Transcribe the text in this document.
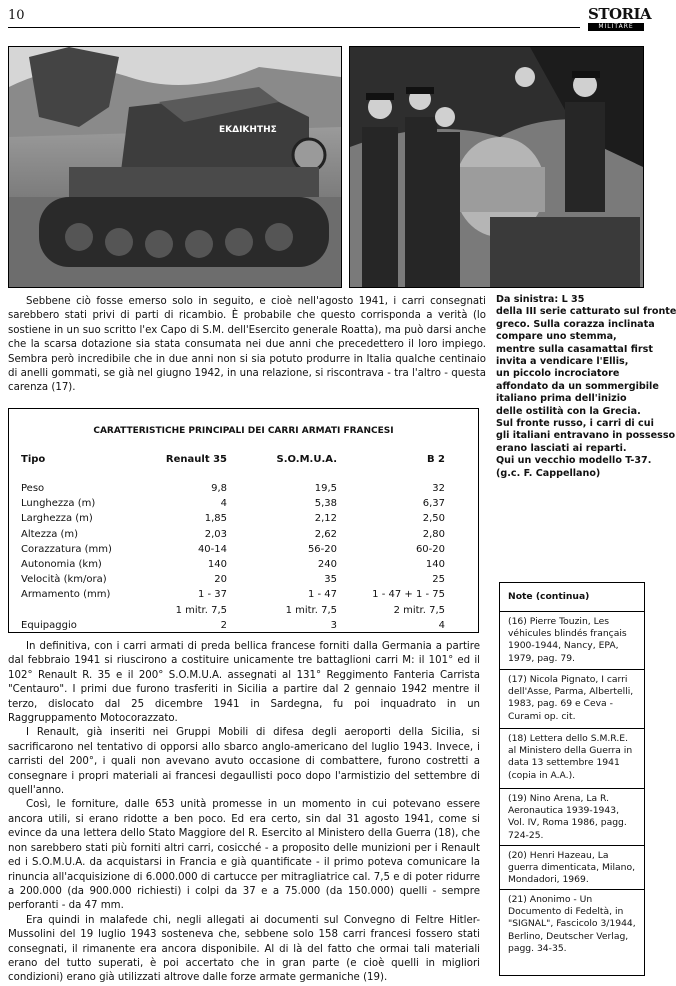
10	STORIA
MILITARE
ΕΚΔΙΚΗΤΗΣ
Da sinistra: L 35
della III serie catturato sul fronte
greco. Sulla corazza inclinata
compare uno stemma,
mentre sulla casamattaI first
invita a vendicare l'Ellis,
un piccolo incrociatore
affondato da un sommergibile
italiano prima dell'inizio
delle ostilità con la Grecia.
Sul fronte russo, i carri di cui
gli italiani entravano in possesso
erano lasciati ai reparti.
Qui un vecchio modello T-37.
(g.c. F. Cappellano)

Sebbene ciò fosse emerso solo in seguito, e cioè nell'agosto 1941, i carri consegnati sarebbero stati privi di parti di ricambio. È probabile che questo corrisponda a verità (lo sostiene in un suo scritto l'ex Capo di S.M. dell'Esercito generale Roatta), ma può darsi anche che la scarsa dotazione sia stata consumata nei due anni che precedettero il loro impiego. Sembra però incredibile che in due anni non si sia potuto produrre in Italia qualche centinaio di anelli gommati, se già nel giugno 1942, in una relazione, si riscontrava - tra l'altro - questa carenza (17).

CARATTERISTICHE PRINCIPALI DEI CARRI ARMATI FRANCESI
Tipo	Renault 35	S.O.M.U.A.	B 2
Peso	9,8	19,5	32
Lunghezza (m)	4	5,38	6,37
Larghezza (m)	1,85	2,12	2,50
Altezza (m)	2,03	2,62	2,80
Corazzatura (mm)	40-14	56-20	60-20
Autonomia (km)	140	240	140
Velocità (km/ora)	20	35	25
Armamento (mm)	1 - 37	1 - 47	1 - 47 + 1 - 75
	1 mitr. 7,5	1 mitr. 7,5	2 mitr. 7,5
Equipaggio	2	3	4

In definitiva, con i carri armati di preda bellica francese forniti dalla Germania a partire dal febbraio 1941 si riuscirono a costituire unicamente tre battaglioni carri M: il 101° ed il 102° Renault R. 35 e il 200° S.O.M.U.A. assegnati al 131° Reggimento Fanteria Carrista "Centauro". I primi due furono trasferiti in Sicilia a partire dal 2 gennaio 1942 mentre il terzo, dislocato dal 25 dicembre 1941 in Sardegna, fu poi inquadrato in un Raggruppamento Motocorazzato.

I Renault, già inseriti nei Gruppi Mobili di difesa degli aeroporti della Sicilia, si sacrificarono nel tentativo di opporsi allo sbarco anglo-americano del luglio 1943. Invece, i carristi del 200°, i quali non avevano avuto occasione di combattere, furono costretti a consegnare i propri materiali ai francesi degaullisti poco dopo l'armistizio del settembre di quell'anno.

Così, le forniture, dalle 653 unità promesse in un momento in cui potevano essere ancora utili, si erano ridotte a ben poco. Ed era certo, sin dal 31 agosto 1941, come si evince da una lettera dello Stato Maggiore del R. Esercito al Ministero della Guerra (18), che non sarebbero stati più forniti altri carri, cosicché - a proposito delle munizioni per i Renault ed i S.O.M.U.A. da acquistarsi in Francia e già quantificate - il primo poteva comunicare la rinuncia all'acquisizione di 6.000.000 di cartucce per mitragliatrice cal. 7,5 e di poter ridurre a 200.000 (da 900.000 richiesti) i colpi da 37 e a 75.000 (da 150.000) quelli - sempre perforanti - da 47 mm.

Era quindi in malafede chi, negli allegati ai documenti sul Convegno di Feltre Hitler-Mussolini del 19 luglio 1943 sosteneva che, sebbene solo 158 carri francesi fossero stati consegnati, il rimanente era ancora disponibile. Al di là del fatto che ormai tali materiali erano del tutto superati, è poi accertato che in gran parte (e cioè quelli in migliori condizioni) erano già utilizzati altrove dalle forze armate germaniche (19).

Note (continua)
(16) Pierre Touzin, Les véhicules blindés français 1900-1944, Nancy, EPA, 1979, pag. 79.
(17) Nicola Pignato, I carri dell'Asse, Parma, Albertelli, 1983, pag. 69 e Ceva - Curami op. cit.
(18) Lettera dello S.M.R.E. al Ministero della Guerra in data 13 settembre 1941 (copia in A.A.).
(19) Nino Arena, La R. Aeronautica 1939-1943, Vol. IV, Roma 1986, pagg. 724-25.
(20) Henri Hazeau, La guerra dimenticata, Milano, Mondadori, 1969.
(21) Anonimo - Un Documento di Fedeltà, in "SIGNAL", Fascicolo 3/1944, Berlino, Deutscher Verlag, pagg. 34-35.
